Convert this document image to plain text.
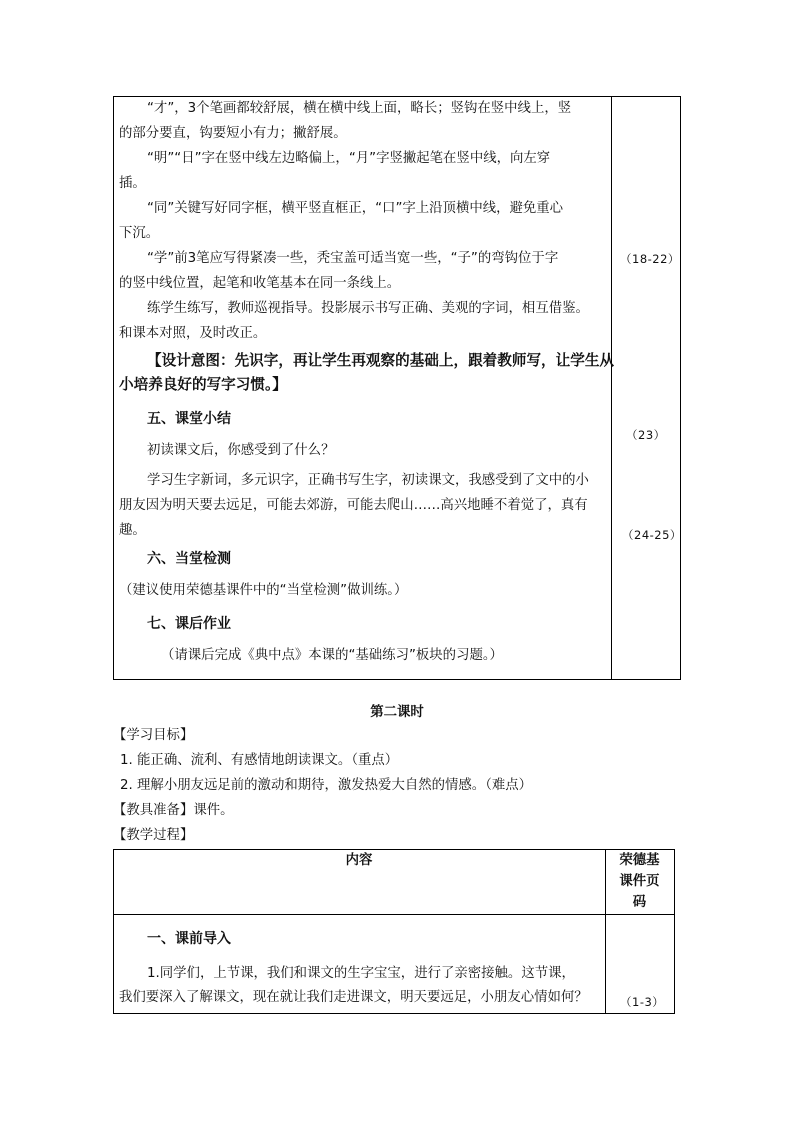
“才”，3个笔画都较舒展，横在横中线上面，略长；竖钩在竖中线上，竖
的部分要直，钩要短小有力；撇舒展。
“明”“日”字在竖中线左边略偏上，“月”字竖撇起笔在竖中线，向左穿
插。
“同”关键写好同字框，横平竖直框正，“口”字上沿顶横中线，避免重心
下沉。
“学”前3笔应写得紧凑一些，秃宝盖可适当宽一些，“子”的弯钩位于字
的竖中线位置，起笔和收笔基本在同一条线上。
练学生练写，教师巡视指导。投影展示书写正确、美观的字词，相互借鉴。
和课本对照，及时改正。
【设计意图：先识字，再让学生再观察的基础上，跟着教师写，让学生从
小培养良好的写字习惯。】
五、课堂小结
初读课文后，你感受到了什么？
学习生字新词，多元识字，正确书写生字，初读课文，我感受到了文中的小
朋友因为明天要去远足，可能去郊游，可能去爬山……高兴地睡不着觉了，真有
趣。
六、当堂检测
（建议使用荣德基课件中的“当堂检测”做训练。）
七、课后作业
（请课后完成《典中点》本课的“基础练习”板块的习题。）
（18-22）
（23）
（24-25）
第二课时
【学习目标】
1. 能正确、流利、有感情地朗读课文。（重点）
2. 理解小朋友远足前的激动和期待，激发热爱大自然的情感。（难点）
【教具准备】课件。
【教学过程】
内容	荣德基
课件页
码
一、课前导入
1.同学们，上节课，我们和课文的生字宝宝，进行了亲密接触。这节课，
我们要深入了解课文，现在就让我们走进课文，明天要远足，小朋友心情如何？	（1-3）
